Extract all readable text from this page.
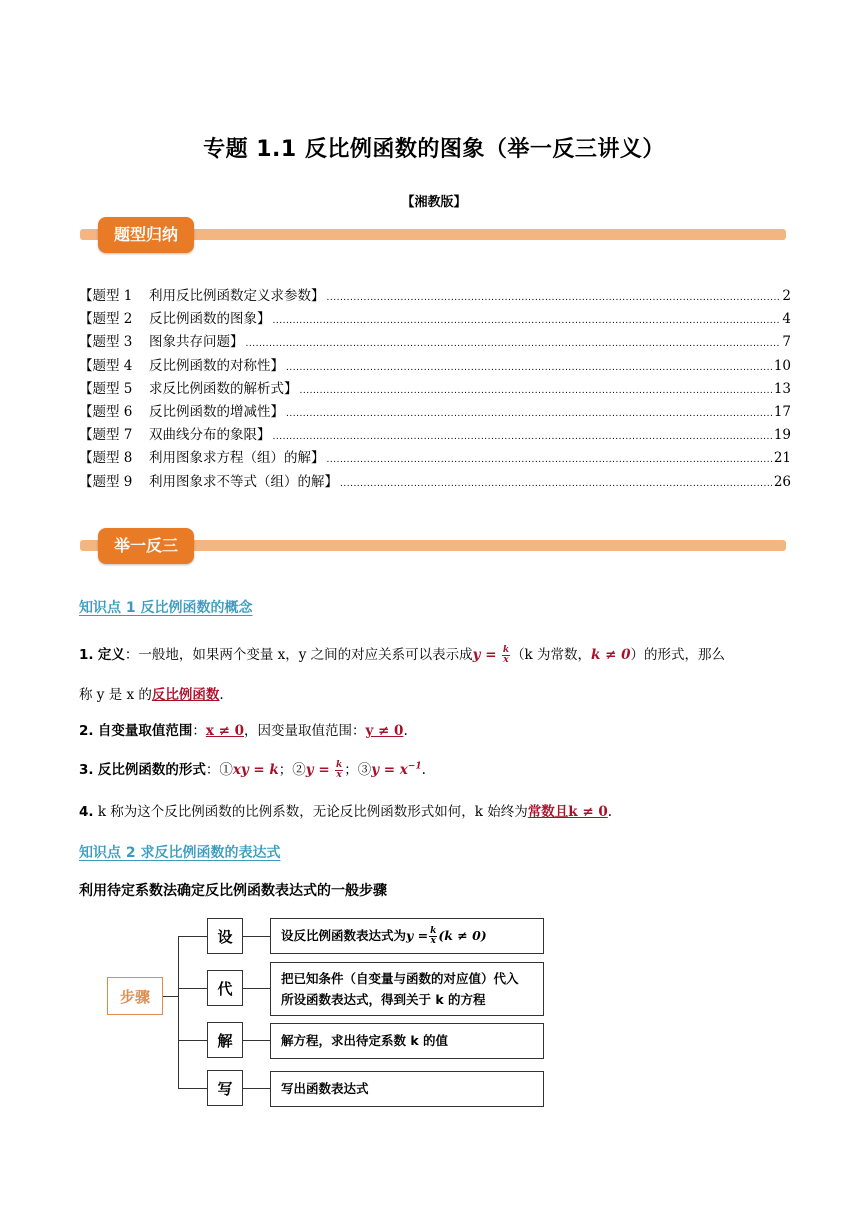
专题 1.1 反比例函数的图象（举一反三讲义）
【湘教版】
题型归纳
【题型 1	利用反比例函数定义求参数】 .....	2
【题型 2	反比例函数的图象】 .....	4
【题型 3	图象共存问题】 .....	7
【题型 4	反比例函数的对称性】 .....	10
【题型 5	求反比例函数的解析式】 .....	13
【题型 6	反比例函数的增减性】 .....	17
【题型 7	双曲线分布的象限】 .....	19
【题型 8	利用图象求方程（组）的解】 .....	21
【题型 9	利用图象求不等式（组）的解】 .....	26
举一反三
知识点 1 反比例函数的概念
1. 定义：一般地，如果两个变量 x，y 之间的对应关系可以表示成$y = \frac{k}{x} (k$ 为常数，k ≠ 0）的形式，那么
称 y 是 x 的反比例函数.
2. 自变量取值范围：x ≠ 0，因变量取值范围：y ≠ 0.
3. 反比例函数的形式：①xy = k；②y = $\frac{k}{x}$ ；③y = $x^{-1}$.
4. k 称为这个反比例函数的比例系数，无论反比例函数形式如何，k 始终为常数且k ≠ 0.
知识点 2 求反比例函数的表达式
利用待定系数法确定反比例函数表达式的一般步骤
步骤
设
代
解
写
设反比例函数表达式为 $y = \frac{k}{x} (k \ne 0)$
把已知条件（自变量与函数的对应值）代入
所设函数表达式，得到关于 k 的方程
解方程，求出待定系数 k 的值
写出函数表达式
